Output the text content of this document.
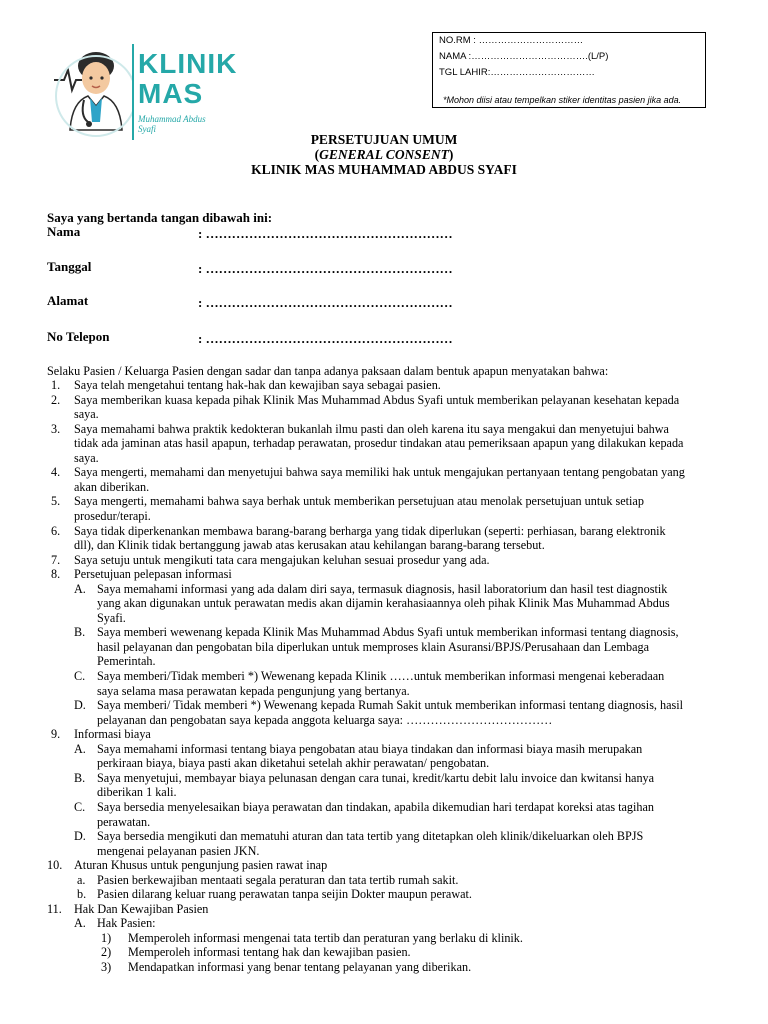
KLINIK
MAS
Muhammad Abdus Syafi
NO.RM : ……………………………
NAMA :……………………………….(L/P)
TGL LAHIR:……………………………
*Mohon diisi atau tempelkan stiker identitas pasien jika ada.
PERSETUJUAN UMUM
(GENERAL CONSENT)
KLINIK MAS MUHAMMAD ABDUS SYAFI
Saya yang bertanda tangan dibawah ini:
Nama	: …………………………………………………
Tanggal	: …………………………………………………
Alamat	: …………………………………………………
No Telepon	: …………………………………………………
Selaku Pasien / Keluarga Pasien dengan sadar dan tanpa adanya paksaan dalam bentuk apapun menyatakan bahwa:
1. Saya telah mengetahui tentang hak-hak dan kewajiban saya sebagai pasien.
2. Saya memberikan kuasa kepada pihak Klinik Mas Muhammad Abdus Syafi untuk memberikan pelayanan kesehatan kepada
saya.
3. Saya memahami bahwa praktik kedokteran bukanlah ilmu pasti dan oleh karena itu saya mengakui dan menyetujui bahwa
tidak ada jaminan atas hasil apapun, terhadap perawatan, prosedur tindakan atau pemeriksaan apapun yang dilakukan kepada
saya.
4. Saya mengerti, memahami dan menyetujui bahwa saya memiliki hak untuk mengajukan pertanyaan tentang pengobatan yang
akan diberikan.
5. Saya mengerti, memahami bahwa saya berhak untuk memberikan persetujuan atau menolak persetujuan untuk setiap
prosedur/terapi.
6. Saya tidak diperkenankan membawa barang-barang berharga yang tidak diperlukan (seperti: perhiasan, barang elektronik
dll), dan Klinik tidak bertanggung jawab atas kerusakan atau kehilangan barang-barang tersebut.
7. Saya setuju untuk mengikuti tata cara mengajukan keluhan sesuai prosedur yang ada.
8. Persetujuan pelepasan informasi
A. Saya memahami informasi yang ada dalam diri saya, termasuk diagnosis, hasil laboratorium dan hasil test diagnostik
yang akan digunakan untuk perawatan medis akan dijamin kerahasiaannya oleh pihak Klinik Mas Muhammad Abdus
Syafi.
B. Saya memberi wewenang kepada Klinik Mas Muhammad Abdus Syafi untuk memberikan informasi tentang diagnosis,
hasil pelayanan dan pengobatan bila diperlukan untuk memproses klain Asuransi/BPJS/Perusahaan dan Lembaga
Pemerintah.
C. Saya memberi/Tidak memberi *) Wewenang kepada Klinik ……untuk memberikan informasi mengenai keberadaan
saya selama masa perawatan kepada pengunjung yang bertanya.
D. Saya memberi/ Tidak memberi *) Wewenang kepada Rumah Sakit untuk memberikan informasi tentang diagnosis, hasil
pelayanan dan pengobatan saya kepada anggota keluarga saya: ………………………………
9. Informasi biaya
A. Saya memahami informasi tentang biaya pengobatan atau biaya tindakan dan informasi biaya masih merupakan
perkiraan biaya, biaya pasti akan diketahui setelah akhir perawatan/ pengobatan.
B. Saya menyetujui, membayar biaya pelunasan dengan cara tunai, kredit/kartu debit lalu invoice dan kwitansi hanya
diberikan 1 kali.
C. Saya bersedia menyelesaikan biaya perawatan dan tindakan, apabila dikemudian hari terdapat koreksi atas tagihan
perawatan.
D. Saya bersedia mengikuti dan mematuhi aturan dan tata tertib yang ditetapkan oleh klinik/dikeluarkan oleh BPJS
mengenai pelayanan pasien JKN.
10. Aturan Khusus untuk pengunjung pasien rawat inap
a. Pasien berkewajiban mentaati segala peraturan dan tata tertib rumah sakit.
b. Pasien dilarang keluar ruang perawatan tanpa seijin Dokter maupun perawat.
11. Hak Dan Kewajiban Pasien
A. Hak Pasien:
1) Memperoleh informasi mengenai tata tertib dan peraturan yang berlaku di klinik.
2) Memperoleh informasi tentang hak dan kewajiban pasien.
3) Mendapatkan informasi yang benar tentang pelayanan yang diberikan.
